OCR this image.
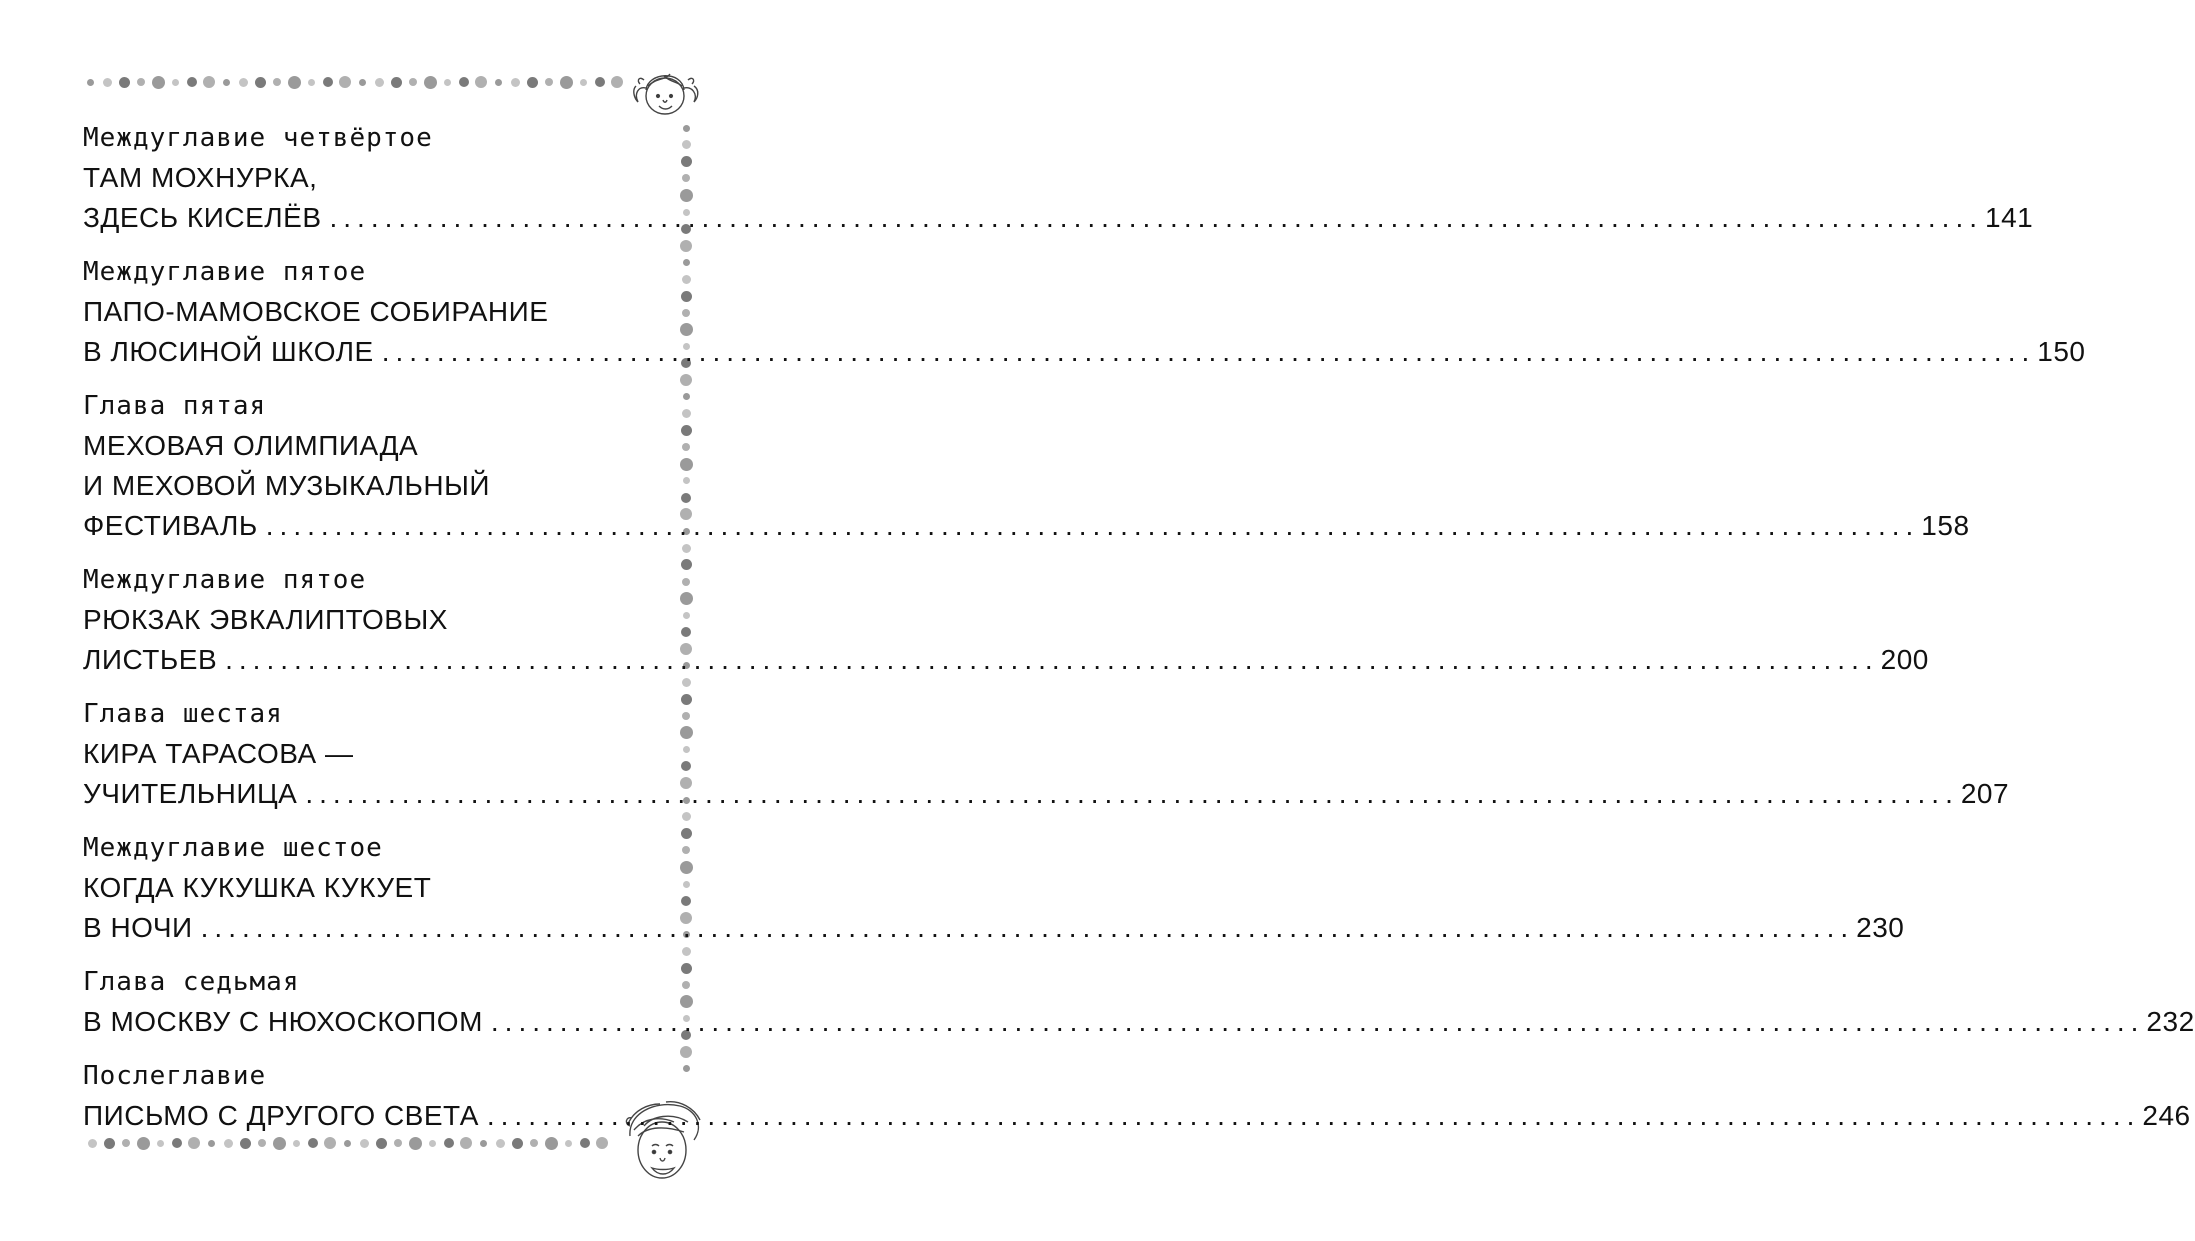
Междуглавие четвёртое
ТАМ МОХНУРКА,
ЗДЕСЬ КИСЕЛЁВ ........................................................................................................................ 141
Междуглавие пятое
ПАПО-МАМОВСКОЕ СОБИРАНИЕ
В ЛЮСИНОЙ ШКОЛЕ ........................................................................................................................ 150
Глава пятая
МЕХОВАЯ ОЛИМПИАДА
И МЕХОВОЙ МУЗЫКАЛЬНЫЙ
ФЕСТИВАЛЬ ........................................................................................................................ 158
Междуглавие пятое
РЮКЗАК ЭВКАЛИПТОВЫХ
ЛИСТЬЕВ ........................................................................................................................ 200
Глава шестая
КИРА ТАРАСОВА —
УЧИТЕЛЬНИЦА ........................................................................................................................ 207
Междуглавие шестое
КОГДА КУКУШКА КУКУЕТ
В НОЧИ ........................................................................................................................ 230
Глава седьмая
В МОСКВУ С НЮХОСКОПОМ ........................................................................................................................ 232
Послеглавие
ПИСЬМО С ДРУГОГО СВЕТА ........................................................................................................................ 246
